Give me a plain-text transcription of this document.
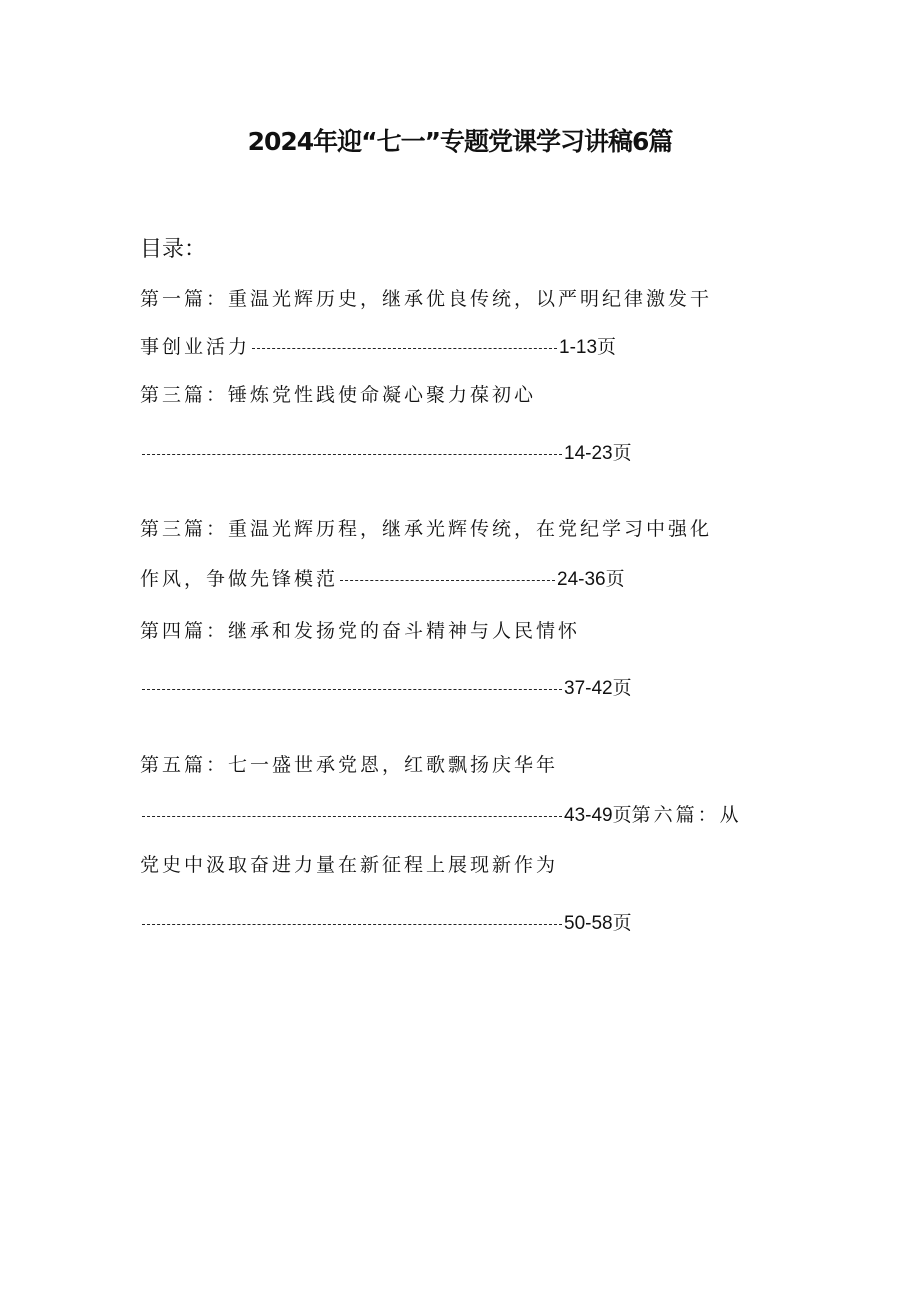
2024年迎“七一”专题党课学习讲稿6篇
目录：
第一篇：重温光辉历史，继承优良传统，以严明纪律激发干
事创业活力	1-13页
第三篇：锤炼党性践使命凝心聚力葆初心
14-23页
第三篇：重温光辉历程，继承光辉传统，在党纪学习中强化
作风，争做先锋模范	24-36页
第四篇：继承和发扬党的奋斗精神与人民情怀
37-42页
第五篇：七一盛世承党恩，红歌飘扬庆华年
43-49页第六篇：从
党史中汲取奋进力量在新征程上展现新作为
50-58页
